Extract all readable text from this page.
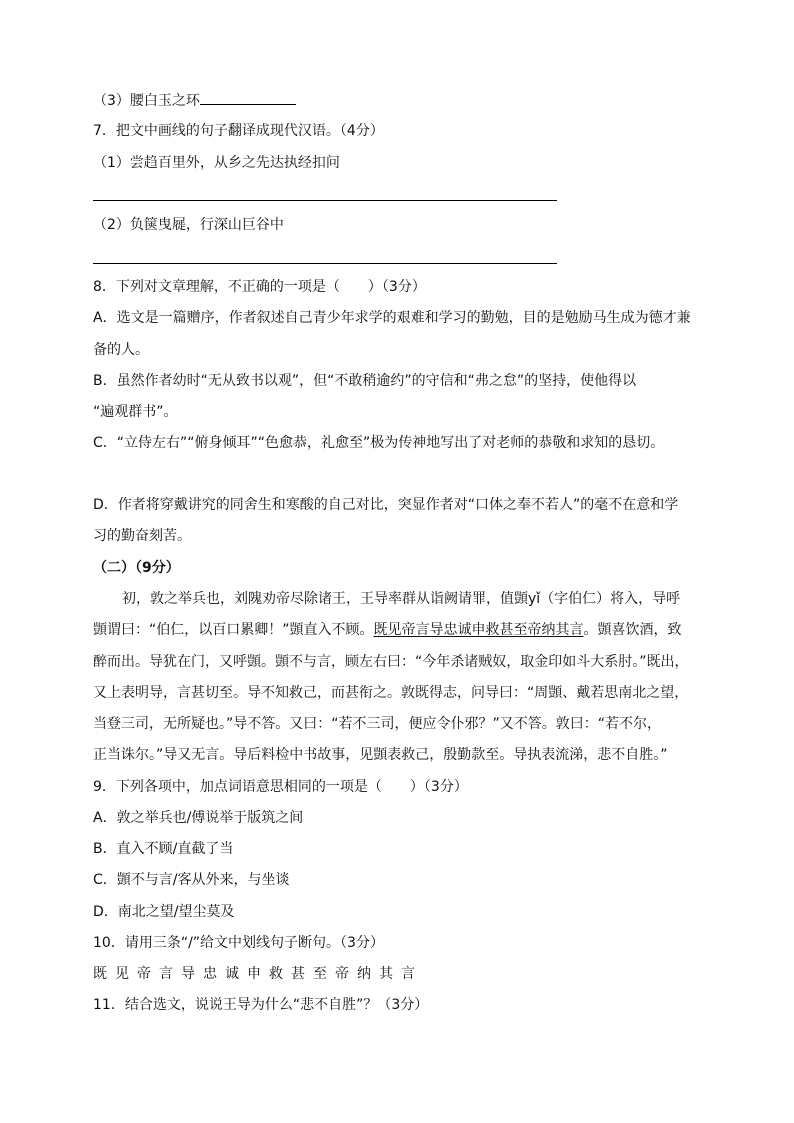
（3）腰白玉之环
7．把文中画线的句子翻译成现代汉语。（4分）
（1）尝趋百里外，从乡之先达执经扣问
（2）负箧曳屣，行深山巨谷中
8．下列对文章理解，不正确的一项是（　　）（3分）
A．选文是一篇赠序，作者叙述自己青少年求学的艰难和学习的勤勉，目的是勉励马生成为德才兼
备的人。
B．虽然作者幼时“无从致书以观”，但“不敢稍逾约”的守信和“弗之怠”的坚持，使他得以
“遍观群书”。
C．“立侍左右”“俯身倾耳”“色愈恭，礼愈至”极为传神地写出了对老师的恭敬和求知的恳切。
D．作者将穿戴讲究的同舍生和寒酸的自己对比，突显作者对“口体之奉不若人”的毫不在意和学
习的勤奋刻苦。
（二）（9分）
初，敦之举兵也，刘隗劝帝尽除诸王，王导率群从诣阙请罪，值顗yǐ（字伯仁）将入，导呼
顗谓曰：“伯仁，以百口累卿！”顗直入不顾。既见帝言导忠诚申救甚至帝纳其言。顗喜饮酒，致
醉而出。导犹在门，又呼顗。顗不与言，顾左右曰：“今年杀诸贼奴，取金印如斗大系肘。”既出，
又上表明导，言甚切至。导不知救己，而甚衔之。敦既得志，问导曰：“周顗、戴若思南北之望，
当登三司，无所疑也。”导不答。又曰：“若不三司，便应令仆邪？”又不答。敦曰：“若不尔，
正当诛尔。”导又无言。导后料检中书故事，见顗表救己，殷勤款至。导执表流涕，悲不自胜。”
9．下列各项中，加点词语意思相同的一项是（　　）（3分）
A．敦之举兵也/傅说举于版筑之间
B．直入不顾/直截了当
C．顗不与言/客从外来，与坐谈
D．南北之望/望尘莫及
10．请用三条“/”给文中划线句子断句。（3分）
既见帝言导忠诚申救甚至帝纳其言
11．结合选文，说说王导为什么“悲不自胜”？（3分）
